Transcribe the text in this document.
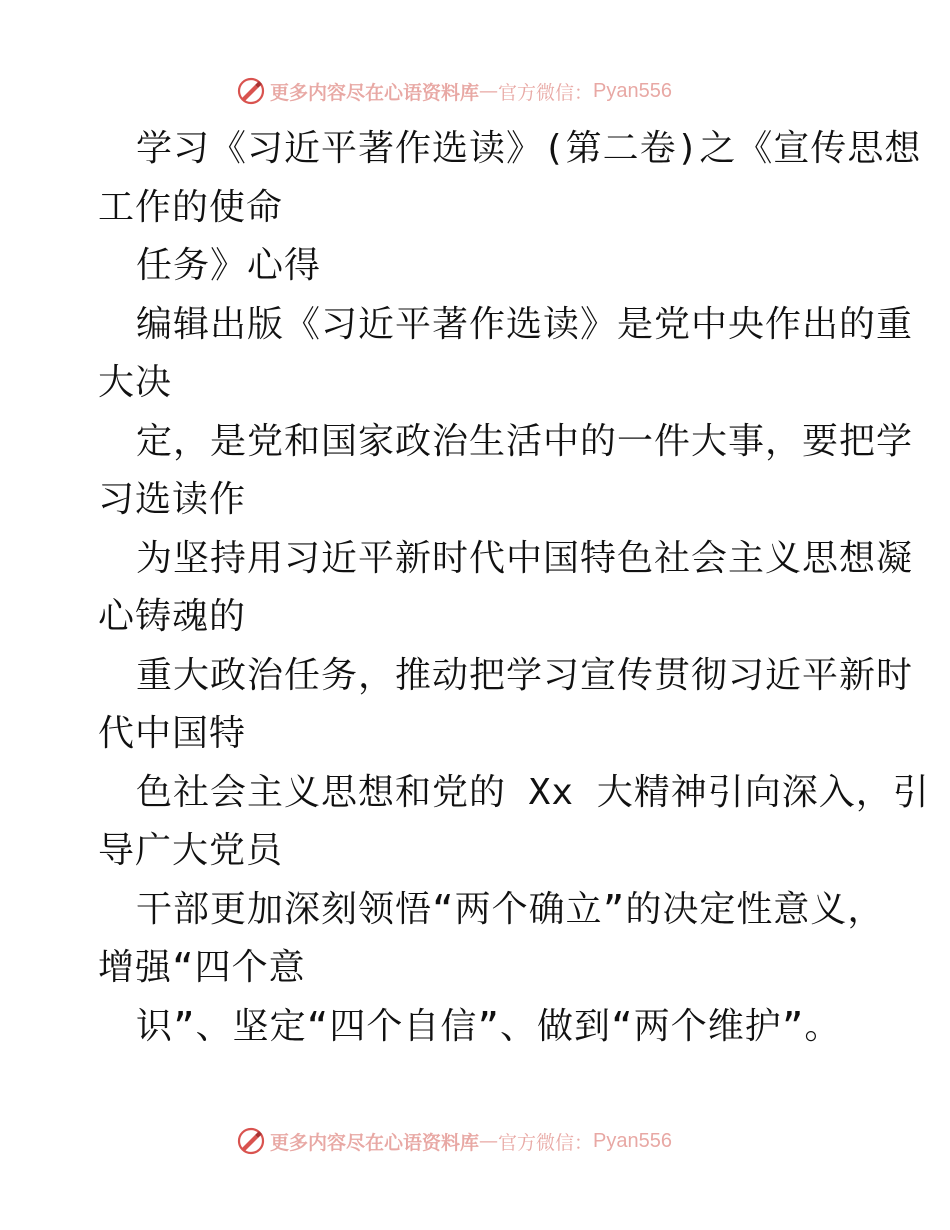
更多内容尽在心语资料库 — 官方微信： Pyan556
学习《习近平著作选读》(第二卷)之《宣传思想
工作的使命
任务》心得
编辑出版《习近平著作选读》是党中央作出的重
大决
定，是党和国家政治生活中的一件大事，要把学
习选读作
为坚持用习近平新时代中国特色社会主义思想凝
心铸魂的
重大政治任务，推动把学习宣传贯彻习近平新时
代中国特
色社会主义思想和党的 Xx 大精神引向深入，引
导广大党员
干部更加深刻领悟“两个确立”的决定性意义，
增强“四个意
识”、坚定“四个自信”、做到“两个维护”。
更多内容尽在心语资料库 — 官方微信： Pyan556
